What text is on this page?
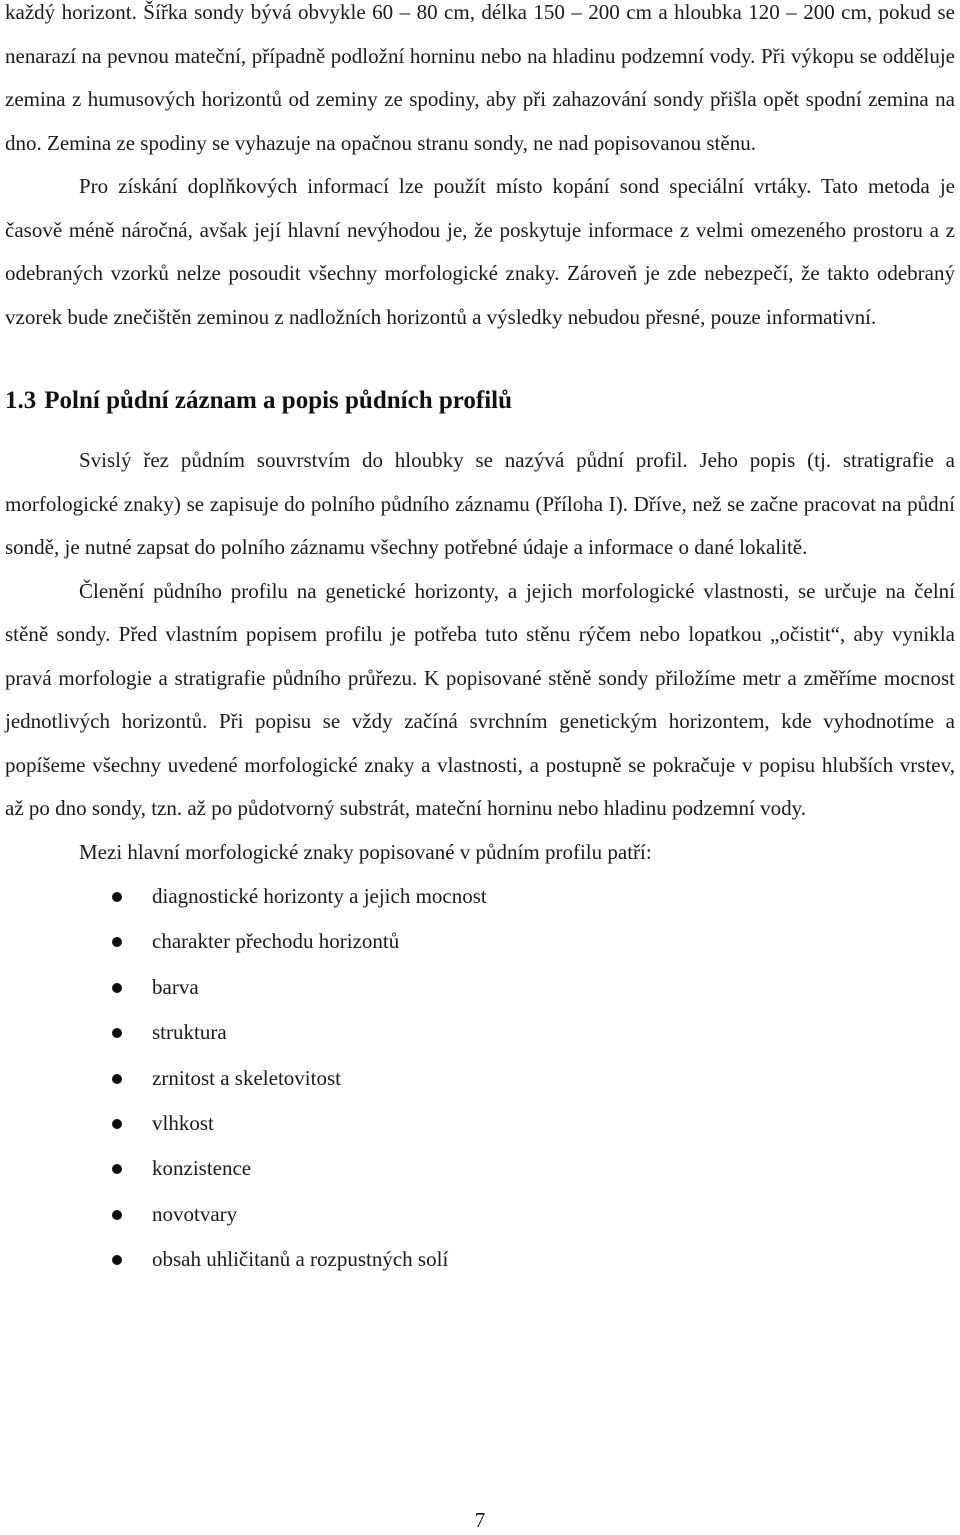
každý horizont. Šířka sondy bývá obvykle 60 – 80 cm, délka 150 – 200 cm a hloubka 120 – 200 cm, pokud se nenarazí na pevnou mateční, případně podložní horninu nebo na hladinu podzemní vody. Při výkopu se odděluje zemina z humusových horizontů od zeminy ze spodiny, aby při zahazování sondy přišla opět spodní zemina na dno. Zemina ze spodiny se vyhazuje na opačnou stranu sondy, ne nad popisovanou stěnu.

Pro získání doplňkových informací lze použít místo kopání sond speciální vrtáky. Tato metoda je časově méně náročná, avšak její hlavní nevýhodou je, že poskytuje informace z velmi omezeného prostoru a z odebraných vzorků nelze posoudit všechny morfologické znaky. Zároveň je zde nebezpečí, že takto odebraný vzorek bude znečištěn zeminou z nadložních horizontů a výsledky nebudou přesné, pouze informativní.

1.3 Polní půdní záznam a popis půdních profilů

Svislý řez půdním souvrstvím do hloubky se nazývá půdní profil. Jeho popis (tj. stratigrafie a morfologické znaky) se zapisuje do polního půdního záznamu (Příloha I). Dříve, než se začne pracovat na půdní sondě, je nutné zapsat do polního záznamu všechny potřebné údaje a informace o dané lokalitě.

Členění půdního profilu na genetické horizonty, a jejich morfologické vlastnosti, se určuje na čelní stěně sondy. Před vlastním popisem profilu je potřeba tuto stěnu rýčem nebo lopatkou „očistit“, aby vynikla pravá morfologie a stratigrafie půdního průřezu. K popisované stěně sondy přiložíme metr a změříme mocnost jednotlivých horizontů. Při popisu se vždy začíná svrchním genetickým horizontem, kde vyhodnotíme a popíšeme všechny uvedené morfologické znaky a vlastnosti, a postupně se pokračuje v popisu hlubších vrstev, až po dno sondy, tzn. až po půdotvorný substrát, mateční horninu nebo hladinu podzemní vody.

Mezi hlavní morfologické znaky popisované v půdním profilu patří:

diagnostické horizonty a jejich mocnost
charakter přechodu horizontů
barva
struktura
zrnitost a skeletovitost
vlhkost
konzistence
novotvary
obsah uhličitanů a rozpustných solí
7
